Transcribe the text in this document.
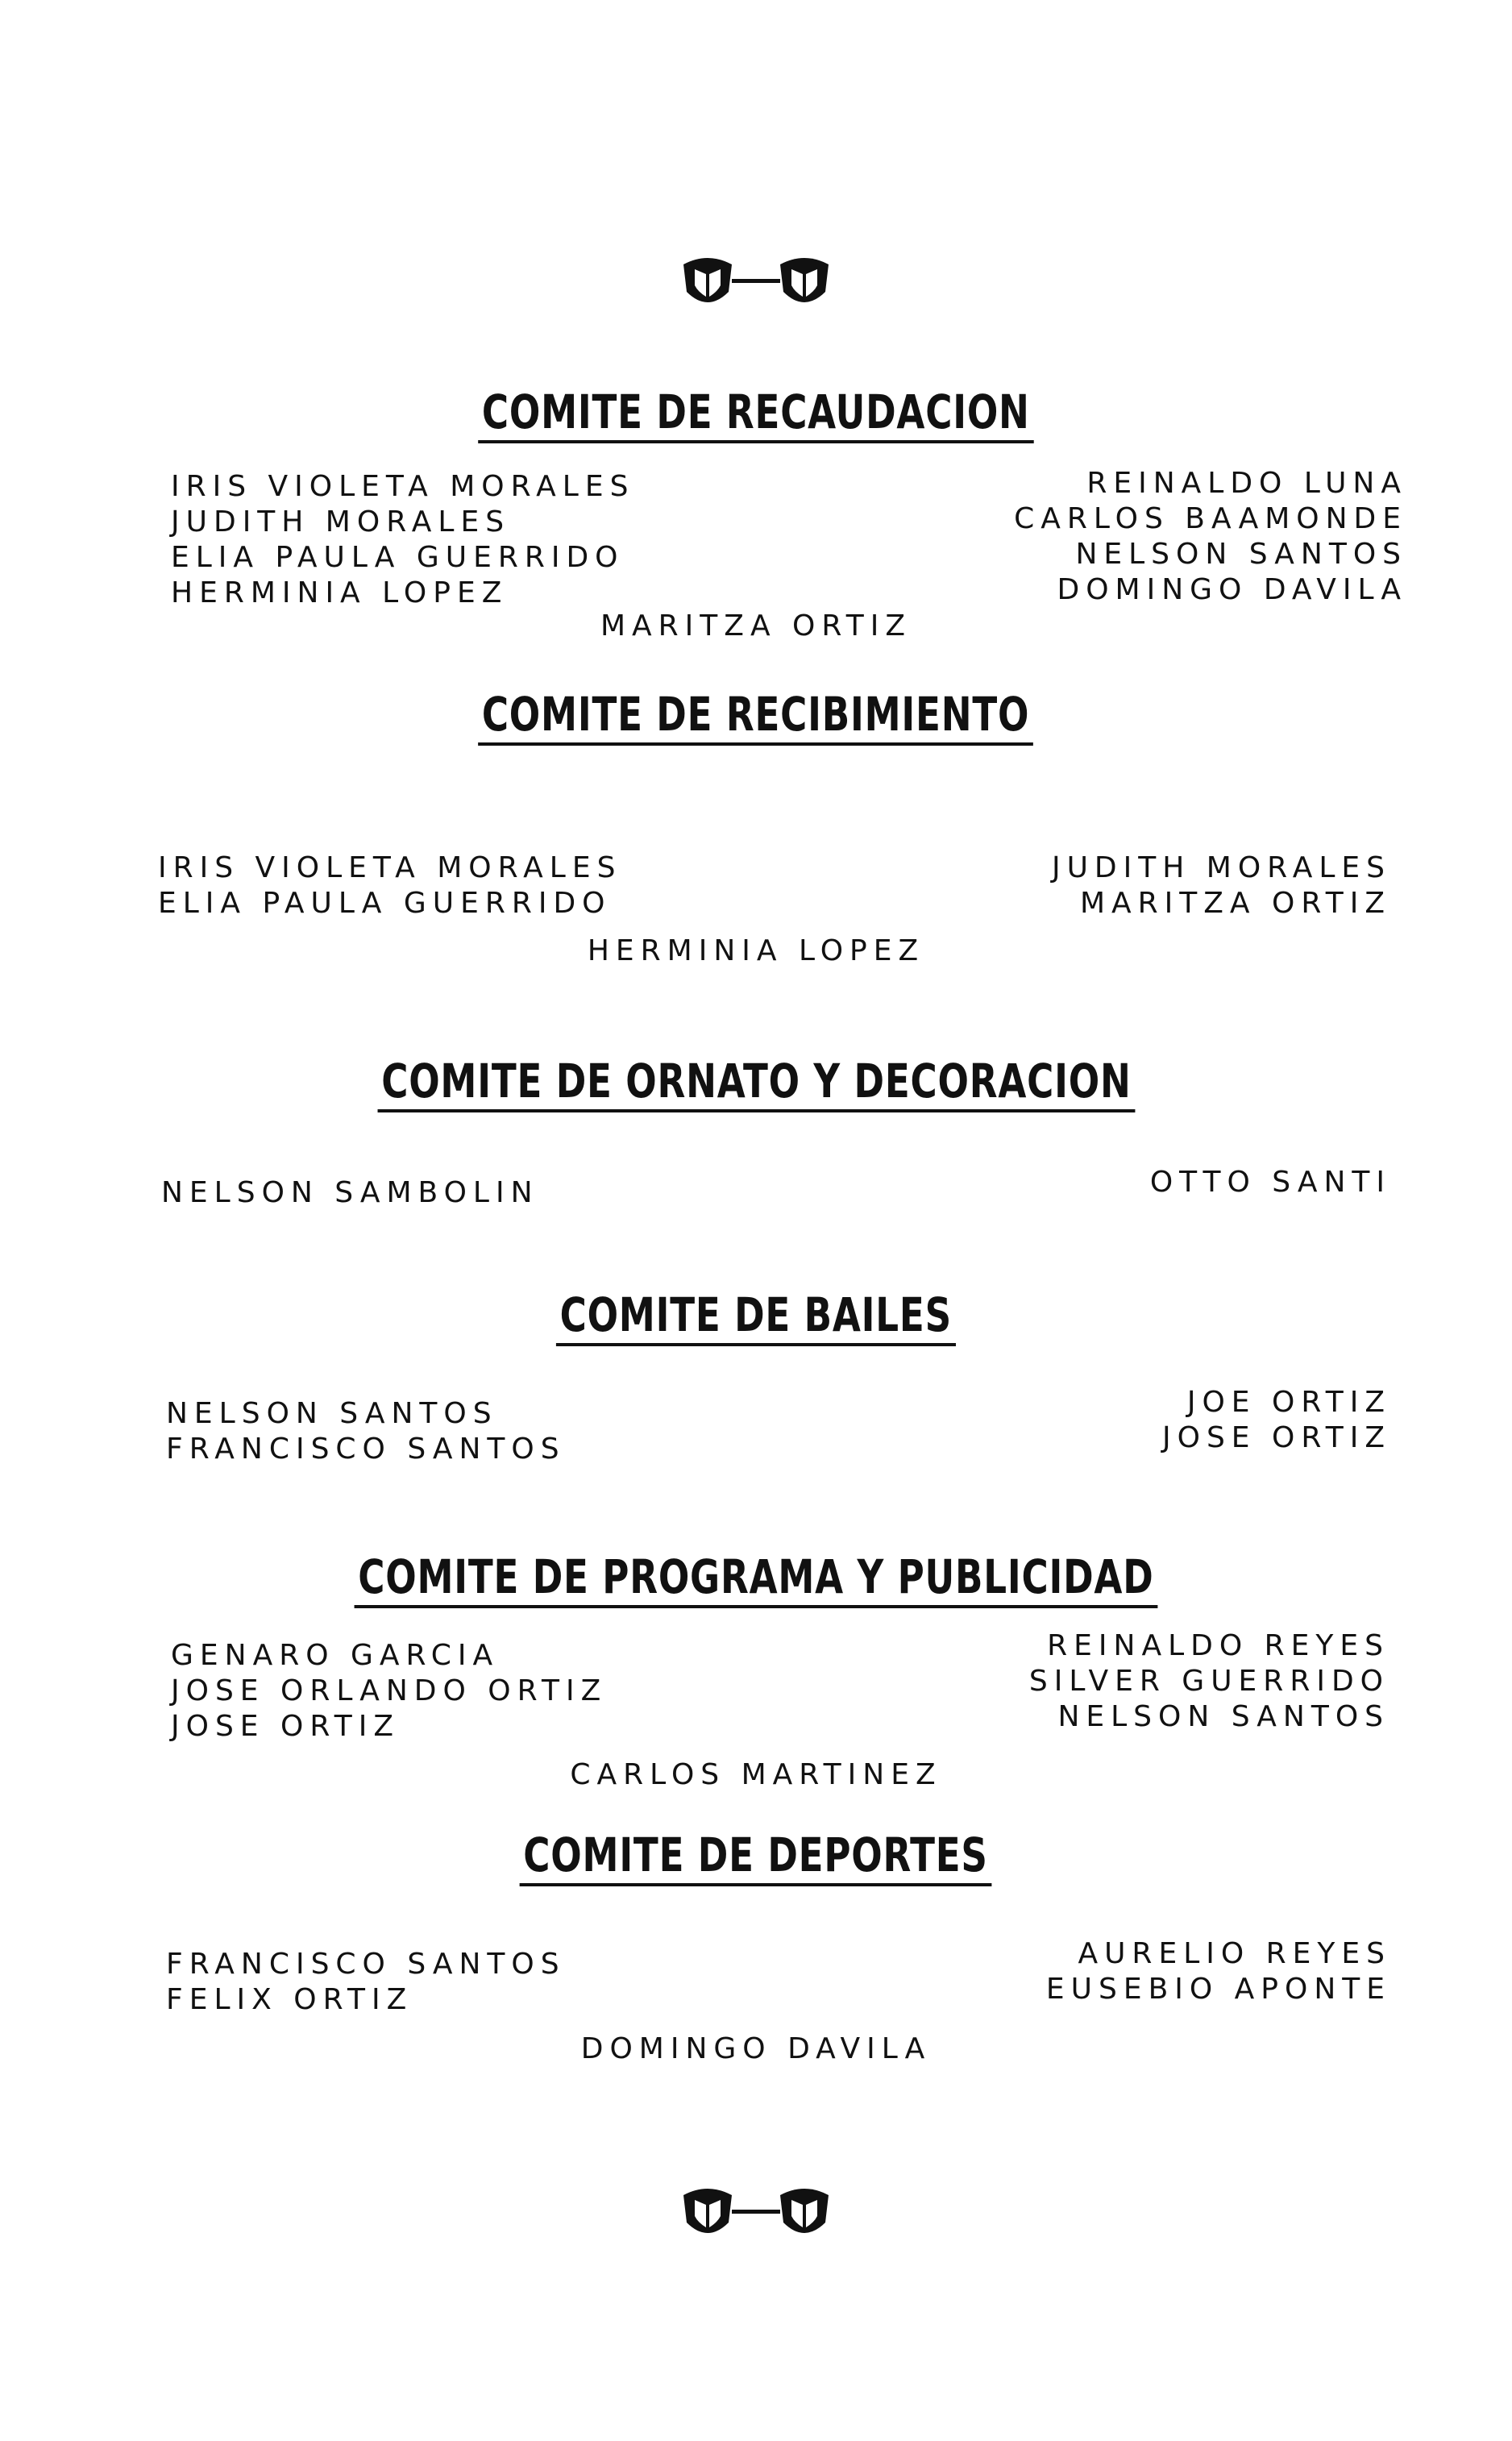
COMITE DE RECAUDACION
IRIS VIOLETA MORALES
JUDITH MORALES
ELIA PAULA GUERRIDO
HERMINIA LOPEZ
REINALDO LUNA
CARLOS BAAMONDE
NELSON SANTOS
DOMINGO DAVILA
MARITZA ORTIZ
COMITE DE RECIBIMIENTO
IRIS VIOLETA MORALES
ELIA PAULA GUERRIDO
JUDITH MORALES
MARITZA ORTIZ
HERMINIA LOPEZ
COMITE DE ORNATO Y DECORACION
NELSON SAMBOLIN	OTTO SANTI
COMITE DE BAILES
NELSON SANTOS
FRANCISCO SANTOS
JOE ORTIZ
JOSE ORTIZ
COMITE DE PROGRAMA Y PUBLICIDAD
GENARO GARCIA
JOSE ORLANDO ORTIZ
JOSE ORTIZ
REINALDO REYES
SILVER GUERRIDO
NELSON SANTOS
CARLOS MARTINEZ
COMITE DE DEPORTES
FRANCISCO SANTOS
FELIX ORTIZ
AURELIO REYES
EUSEBIO APONTE
DOMINGO DAVILA
